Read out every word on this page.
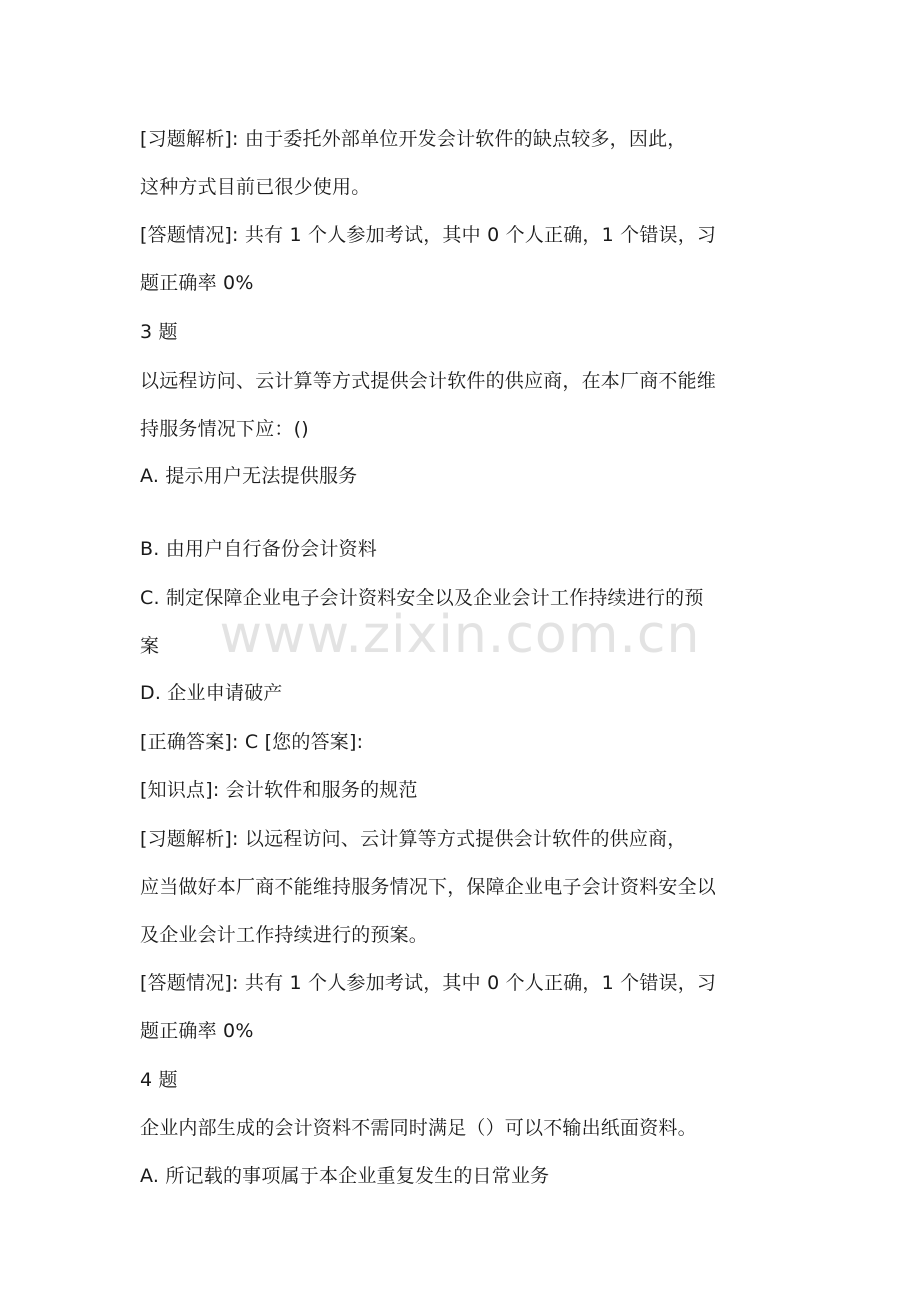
www.zixin.com.cn
[习题解析]: 由于委托外部单位开发会计软件的缺点较多，因此，
这种方式目前已很少使用。
[答题情况]: 共有 1 个人参加考试，其中 0 个人正确，1 个错误，习
题正确率 0%
3 题
以远程访问、云计算等方式提供会计软件的供应商，在本厂商不能维
持服务情况下应：()
A. 提示用户无法提供服务
B. 由用户自行备份会计资料
C. 制定保障企业电子会计资料安全以及企业会计工作持续进行的预
案
D. 企业申请破产
[正确答案]: C [您的答案]:
[知识点]: 会计软件和服务的规范
[习题解析]: 以远程访问、云计算等方式提供会计软件的供应商，
应当做好本厂商不能维持服务情况下，保障企业电子会计资料安全以
及企业会计工作持续进行的预案。
[答题情况]: 共有 1 个人参加考试，其中 0 个人正确，1 个错误，习
题正确率 0%
4 题
企业内部生成的会计资料不需同时满足（）可以不输出纸面资料。
A. 所记载的事项属于本企业重复发生的日常业务
